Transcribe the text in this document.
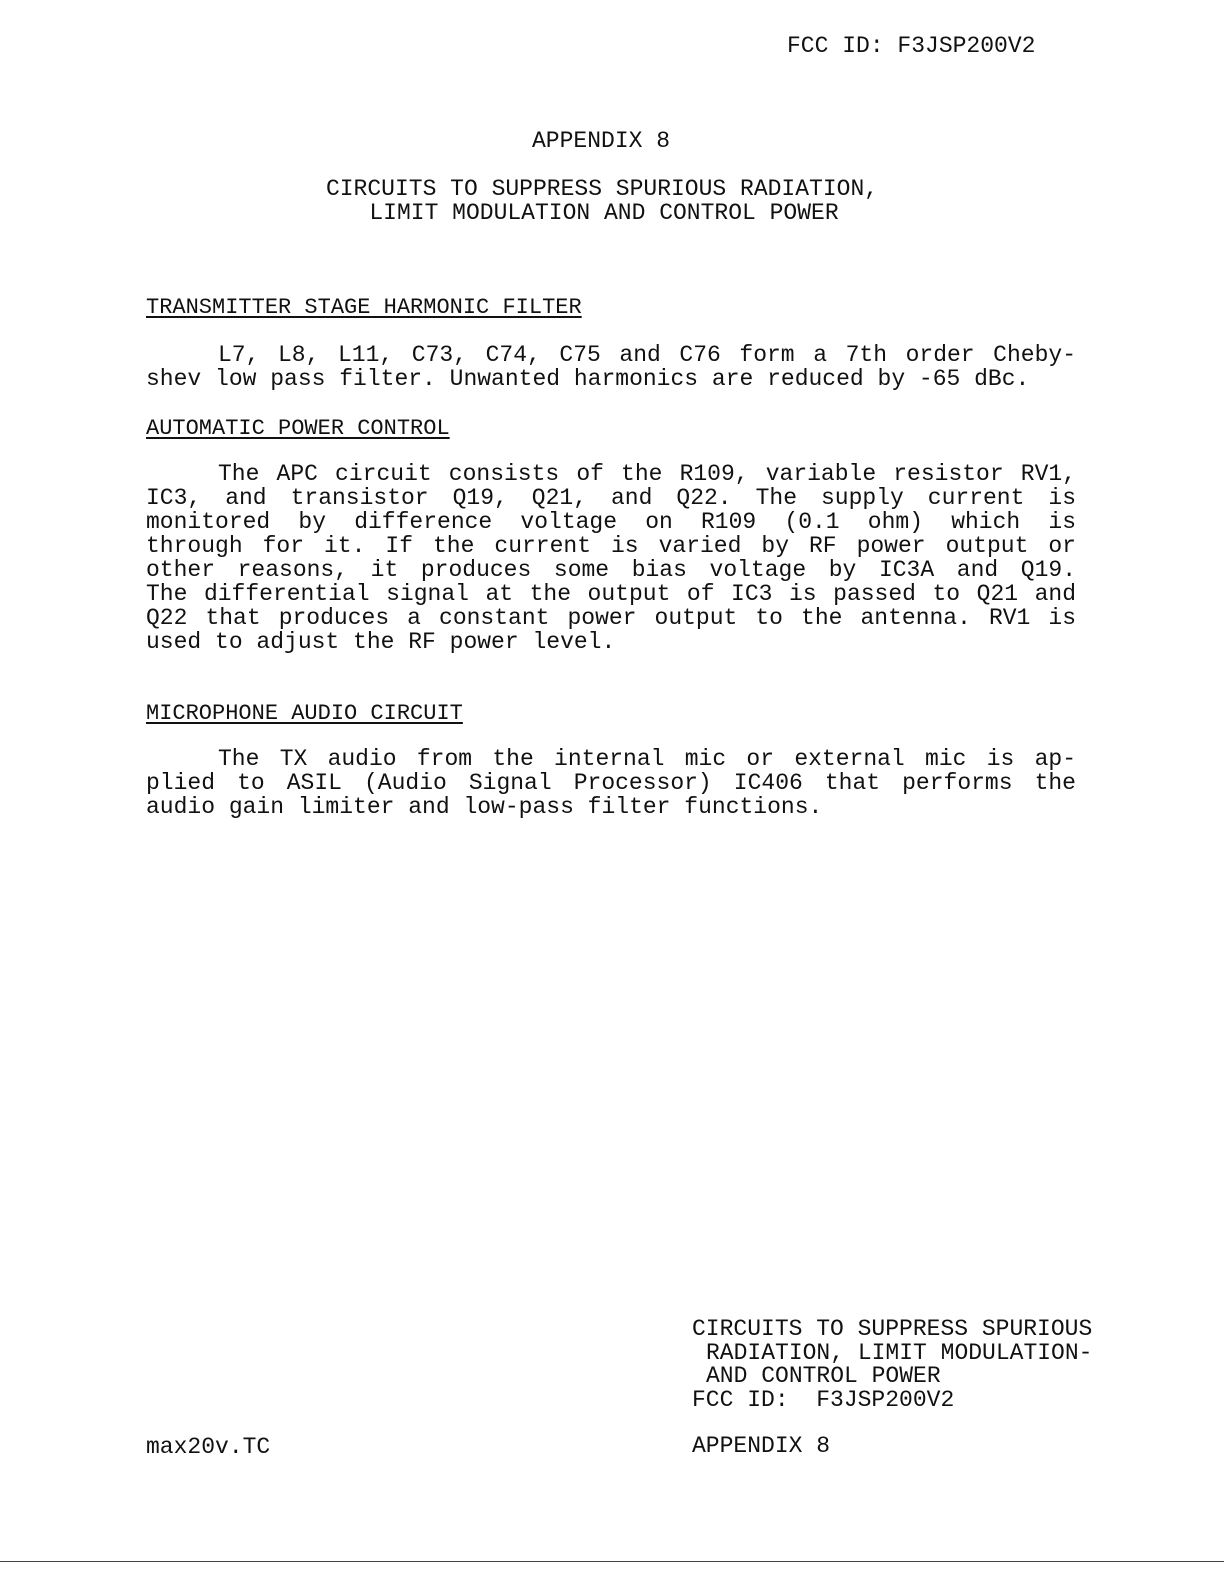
FCC ID: F3JSP200V2
APPENDIX 8
CIRCUITS TO SUPPRESS SPURIOUS RADIATION,
LIMIT MODULATION AND CONTROL POWER
TRANSMITTER STAGE HARMONIC FILTER
L7, L8, L11, C73, C74, C75 and C76 form a 7th order Cheby-
shev low pass filter. Unwanted harmonics are reduced by -65 dBc.
AUTOMATIC POWER CONTROL
The APC circuit consists of the R109, variable resistor RV1,
IC3, and transistor Q19, Q21, and Q22. The supply current is
monitored by difference voltage on R109 (0.1 ohm) which is
through for it. If the current is varied by RF power output or
other reasons, it produces some bias voltage by IC3A and Q19.
The differential signal at the output of IC3 is passed to Q21 and
Q22 that produces a constant power output to the antenna. RV1 is
used to adjust the RF power level.
MICROPHONE AUDIO CIRCUIT
The TX audio from the internal mic or external mic is ap-
plied to ASIL (Audio Signal Processor) IC406 that performs the
audio gain limiter and low-pass filter functions.
CIRCUITS TO SUPPRESS SPURIOUS
RADIATION, LIMIT MODULATION-
AND CONTROL POWER
FCC ID:  F3JSP200V2
max20v.TC	APPENDIX 8
